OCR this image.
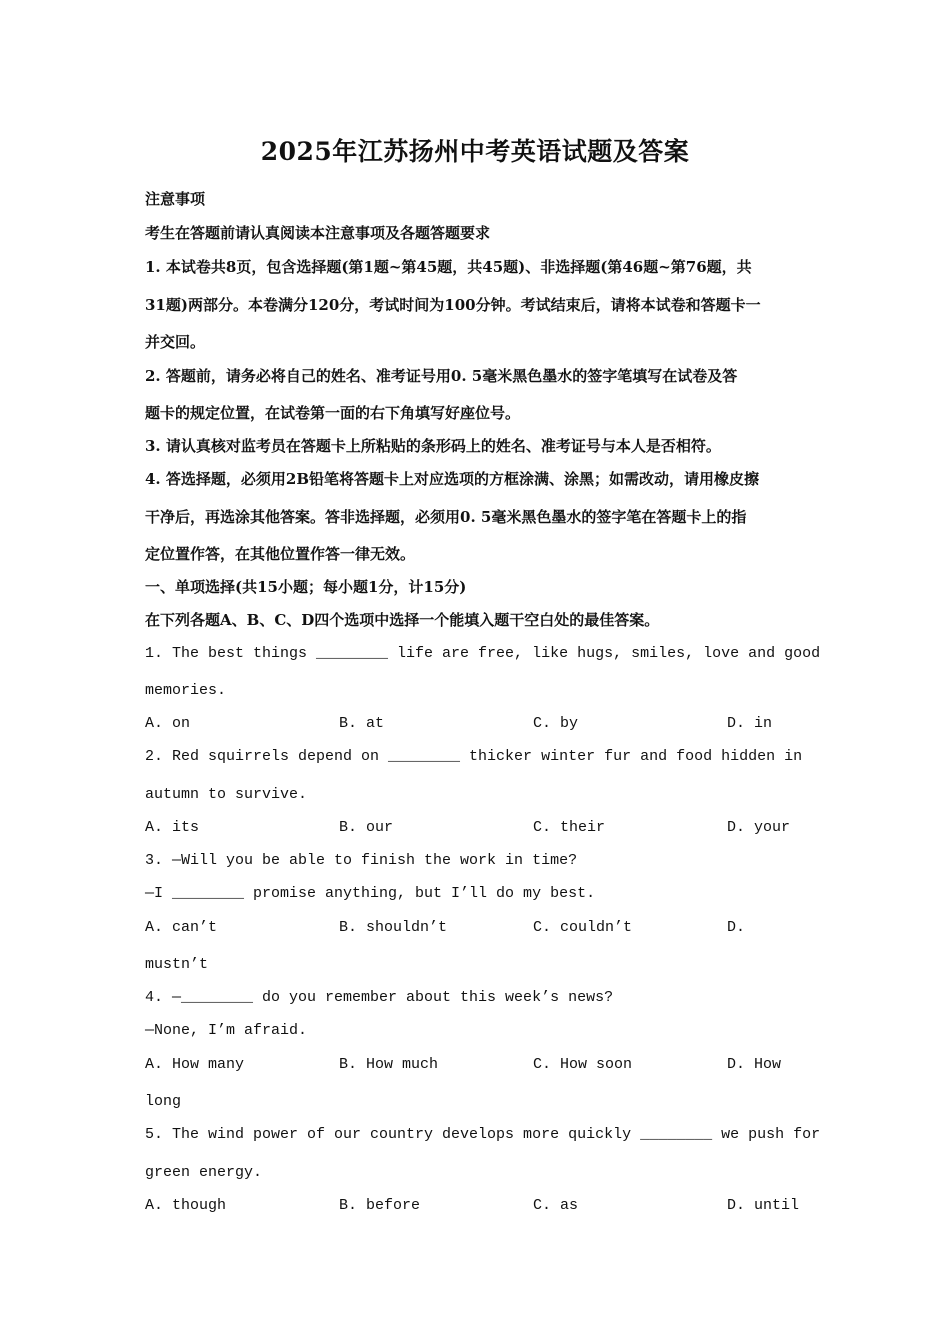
2025年江苏扬州中考英语试题及答案
注意事项
考生在答题前请认真阅读本注意事项及各题答题要求
1. 本试卷共8页，包含选择题(第1题~第45题，共45题)、非选择题(第46题~第76题，共
31题)两部分。本卷满分120分，考试时间为100分钟。考试结束后，请将本试卷和答题卡一
并交回。
2. 答题前，请务必将自己的姓名、准考证号用0. 5毫米黑色墨水的签字笔填写在试卷及答
题卡的规定位置，在试卷第一面的右下角填写好座位号。
3. 请认真核对监考员在答题卡上所粘贴的条形码上的姓名、准考证号与本人是否相符。
4. 答选择题，必须用2B铅笔将答题卡上对应选项的方框涂满、涂黑；如需改动，请用橡皮擦
干净后，再选涂其他答案。答非选择题，必须用0. 5毫米黑色墨水的签字笔在答题卡上的指
定位置作答，在其他位置作答一律无效。
一、单项选择(共15小题；每小题1分，计15分)
在下列各题A、B、C、D四个选项中选择一个能填入题干空白处的最佳答案。
1. The best things ________ life are free, like hugs, smiles, love and good
memories.
A. on	B. at	C. by	D. in
2. Red squirrels depend on ________ thicker winter fur and food hidden in
autumn to survive.
A. its	B. our	C. their	D. your
3. —Will you be able to finish the work in time?
—I ________ promise anything, but I’ll do my best.
A. can’t	B. shouldn’t	C. couldn’t	D.
mustn’t
4. —________ do you remember about this week’s news?
—None, I’m afraid.
A. How many	B. How much	C. How soon	D. How
long
5. The wind power of our country develops more quickly ________ we push for
green energy.
A. though	B. before	C. as	D. until
